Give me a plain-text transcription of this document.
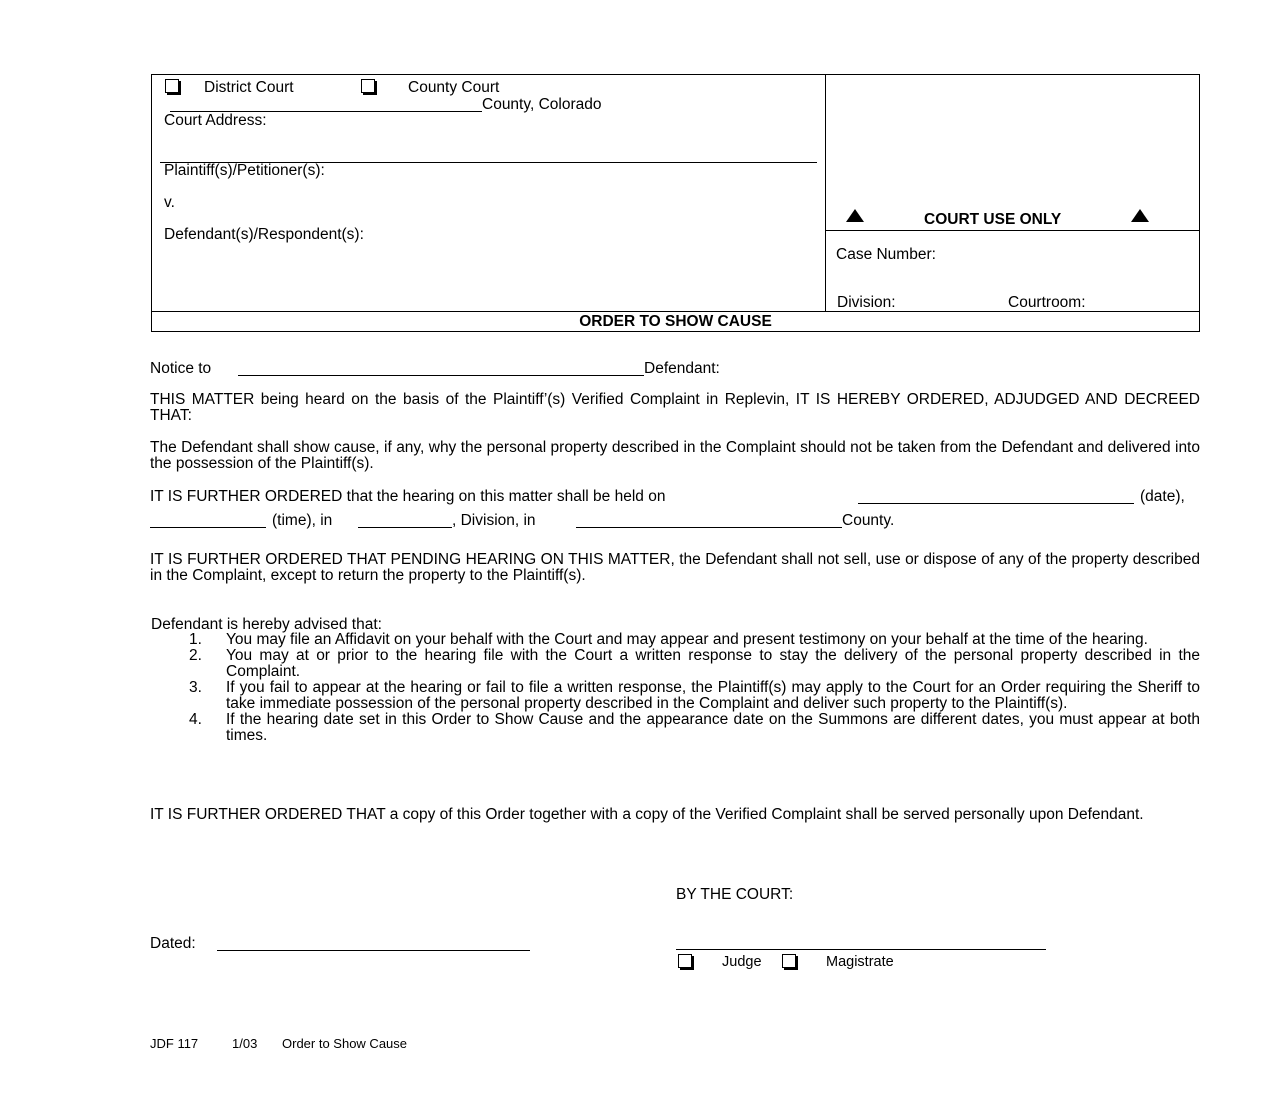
District Court	County Court
County, Colorado
Court Address:
Plaintiff(s)/Petitioner(s):
v.
Defendant(s)/Respondent(s):
COURT USE ONLY
Case Number:
Division:	Courtroom:
ORDER TO SHOW CAUSE
Notice to	Defendant:
THIS MATTER being heard on the basis of the Plaintiff’(s) Verified Complaint in Replevin, IT IS HEREBY ORDERED, ADJUDGED AND DECREED THAT:
The Defendant shall show cause, if any, why the personal property described in the Complaint should not be taken from the Defendant and delivered into the possession of the Plaintiff(s).
IT IS FURTHER ORDERED that the hearing on this matter shall be held on	(date),
(time), in	, Division, in	County.
IT IS FURTHER ORDERED THAT PENDING HEARING ON THIS MATTER, the Defendant shall not sell, use or dispose of any of the property described in the Complaint, except to return the property to the Plaintiff(s).
Defendant is hereby advised that:
1. You may file an Affidavit on your behalf with the Court and may appear and present testimony on your behalf at the time of the hearing.
2. You may at or prior to the hearing file with the Court a written response to stay the delivery of the personal property described in the Complaint.
3. If you fail to appear at the hearing or fail to file a written response, the Plaintiff(s) may apply to the Court for an Order requiring the Sheriff to take immediate possession of the personal property described in the Complaint and deliver such property to the Plaintiff(s).
4. If the hearing date set in this Order to Show Cause and the appearance date on the Summons are different dates, you must appear at both times.
IT IS FURTHER ORDERED THAT a copy of this Order together with a copy of the Verified Complaint shall be served personally upon Defendant.
BY THE COURT:
Dated:
Judge	Magistrate
JDF 117	1/03 Order to Show Cause
